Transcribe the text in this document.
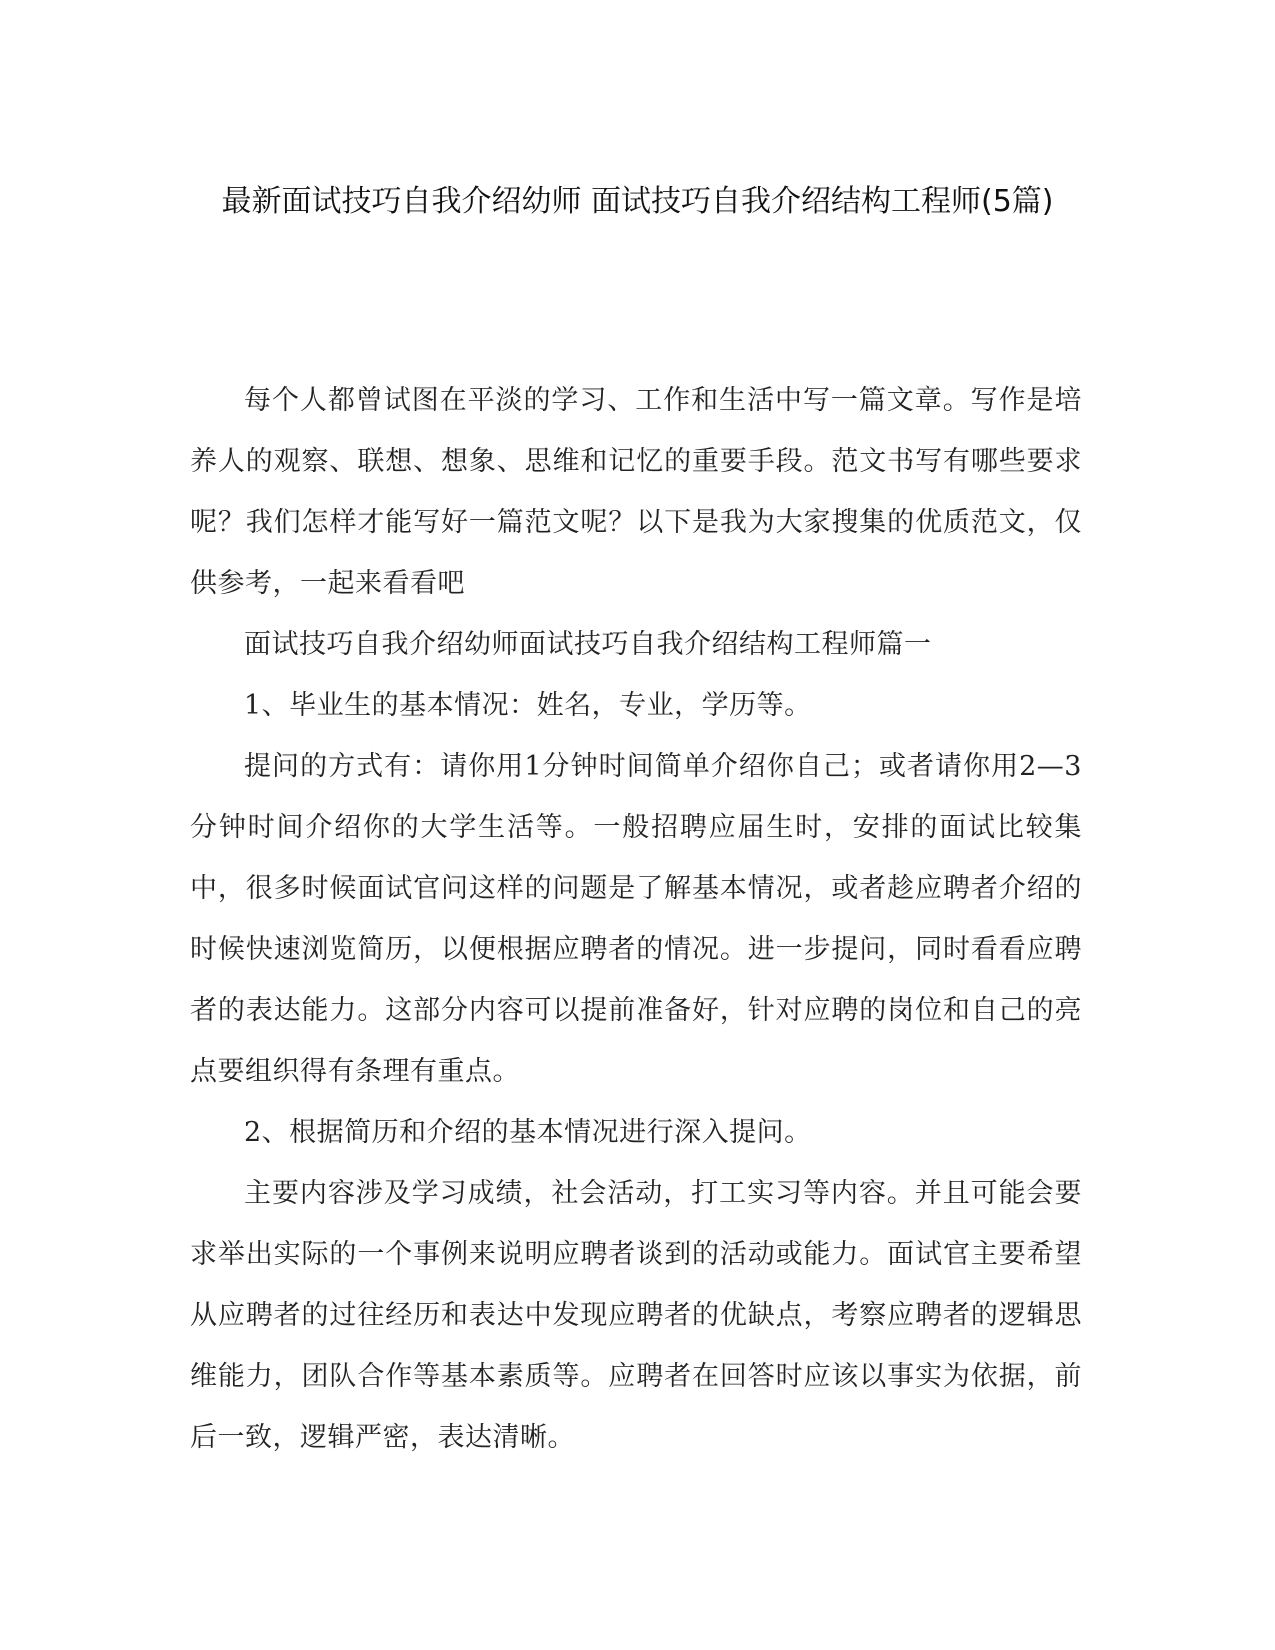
最新面试技巧自我介绍幼师 面试技巧自我介绍结构工程师(5篇)

每个人都曾试图在平淡的学习、工作和生活中写一篇文章。写作是培养人的观察、联想、想象、思维和记忆的重要手段。范文书写有哪些要求呢？我们怎样才能写好一篇范文呢？以下是我为大家搜集的优质范文，仅供参考，一起来看看吧

面试技巧自我介绍幼师面试技巧自我介绍结构工程师篇一

1、毕业生的基本情况：姓名，专业，学历等。

提问的方式有：请你用1分钟时间简单介绍你自己；或者请你用2—3分钟时间介绍你的大学生活等。一般招聘应届生时，安排的面试比较集中，很多时候面试官问这样的问题是了解基本情况，或者趁应聘者介绍的时候快速浏览简历，以便根据应聘者的情况。进一步提问，同时看看应聘者的表达能力。这部分内容可以提前准备好，针对应聘的岗位和自己的亮点要组织得有条理有重点。

2、根据简历和介绍的基本情况进行深入提问。

主要内容涉及学习成绩，社会活动，打工实习等内容。并且可能会要求举出实际的一个事例来说明应聘者谈到的活动或能力。面试官主要希望从应聘者的过往经历和表达中发现应聘者的优缺点，考察应聘者的逻辑思维能力，团队合作等基本素质等。应聘者在回答时应该以事实为依据，前后一致，逻辑严密，表达清晰。
